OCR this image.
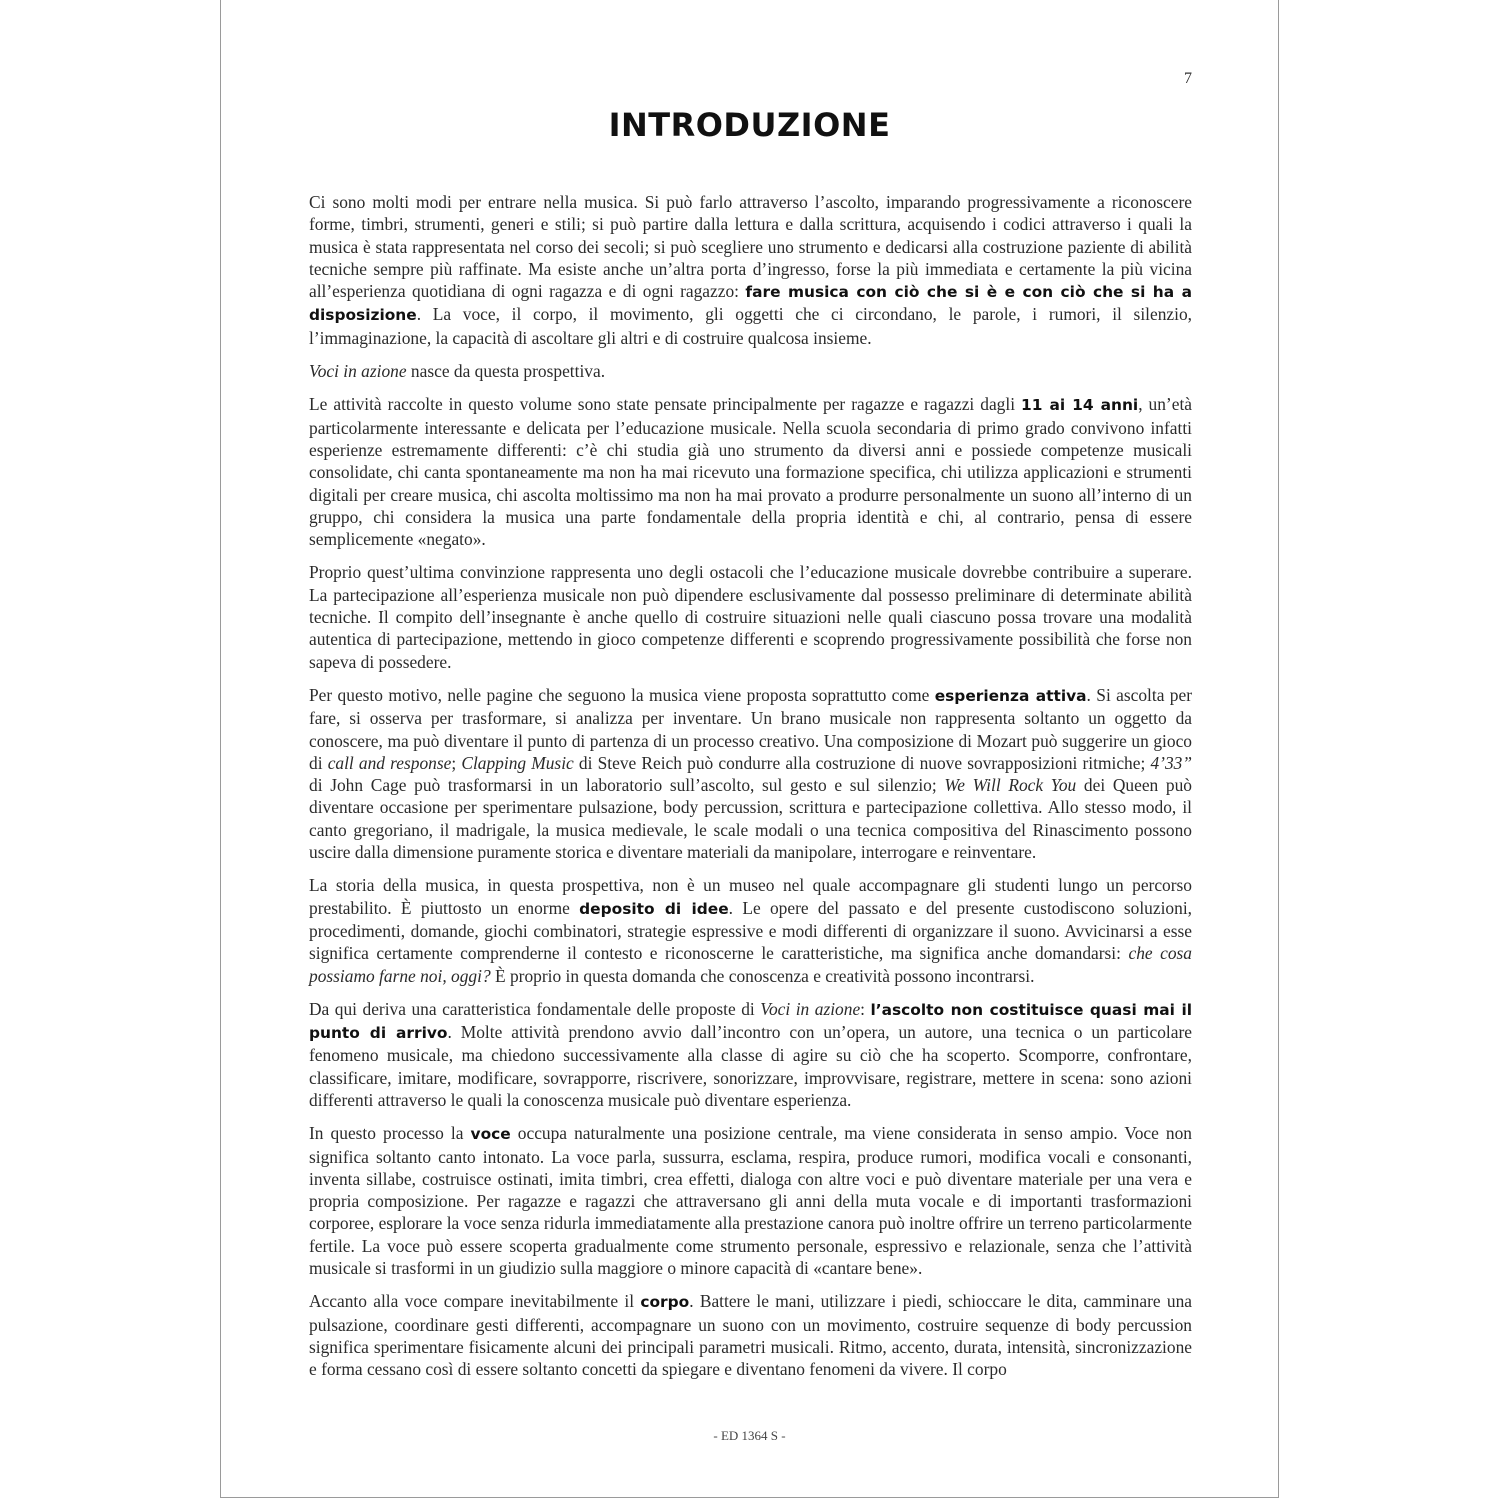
7
INTRODUZIONE

Ci sono molti modi per entrare nella musica. Si può farlo attraverso l’ascolto, imparando progressivamente a riconoscere forme, timbri, strumenti, generi e stili; si può partire dalla lettura e dalla scrittura, acquisendo i codici attraverso i quali la musica è stata rappresentata nel corso dei secoli; si può scegliere uno strumento e dedicarsi alla costruzione paziente di abilità tecniche sempre più raffinate. Ma esiste anche un’altra porta d’ingresso, forse la più immediata e certamente la più vicina all’esperienza quotidiana di ogni ragazza e di ogni ragazzo: fare musica con ciò che si è e con ciò che si ha a disposizione. La voce, il corpo, il movimento, gli oggetti che ci circondano, le parole, i rumori, il silenzio, l’immaginazione, la capacità di ascoltare gli altri e di costruire qualcosa insieme.

Voci in azione nasce da questa prospettiva.

Le attività raccolte in questo volume sono state pensate principalmente per ragazze e ragazzi dagli 11 ai 14 anni, un’età particolarmente interessante e delicata per l’educazione musicale. Nella scuola secondaria di primo grado convivono infatti esperienze estremamente differenti: c’è chi studia già uno strumento da diversi anni e possiede competenze musicali consolidate, chi canta spontaneamente ma non ha mai ricevuto una formazione specifica, chi utilizza applicazioni e strumenti digitali per creare musica, chi ascolta moltissimo ma non ha mai provato a produrre personalmente un suono all’interno di un gruppo, chi considera la musica una parte fondamentale della propria identità e chi, al contrario, pensa di essere semplicemente «negato».

Proprio quest’ultima convinzione rappresenta uno degli ostacoli che l’educazione musicale dovrebbe contribuire a superare. La partecipazione all’esperienza musicale non può dipendere esclusivamente dal possesso preliminare di determinate abilità tecniche. Il compito dell’insegnante è anche quello di costruire situazioni nelle quali ciascuno possa trovare una modalità autentica di partecipazione, mettendo in gioco competenze differenti e scoprendo progressivamente possibilità che forse non sapeva di possedere.

Per questo motivo, nelle pagine che seguono la musica viene proposta soprattutto come esperienza attiva. Si ascolta per fare, si osserva per trasformare, si analizza per inventare. Un brano musicale non rappresenta soltanto un oggetto da conoscere, ma può diventare il punto di partenza di un processo creativo. Una composizione di Mozart può suggerire un gioco di call and response; Clapping Music di Steve Reich può condurre alla costruzione di nuove sovrapposizioni ritmiche; 4’33” di John Cage può trasformarsi in un laboratorio sull’ascolto, sul gesto e sul silenzio; We Will Rock You dei Queen può diventare occasione per sperimentare pulsazione, body percussion, scrittura e partecipazione collettiva. Allo stesso modo, il canto gregoriano, il madrigale, la musica medievale, le scale modali o una tecnica compositiva del Rinascimento possono uscire dalla dimensione puramente storica e diventare materiali da manipolare, interrogare e reinventare.

La storia della musica, in questa prospettiva, non è un museo nel quale accompagnare gli studenti lungo un percorso prestabilito. È piuttosto un enorme deposito di idee. Le opere del passato e del presente custodiscono soluzioni, procedimenti, domande, giochi combinatori, strategie espressive e modi differenti di organizzare il suono. Avvicinarsi a esse significa certamente comprenderne il contesto e riconoscerne le caratteristiche, ma significa anche domandarsi: che cosa possiamo farne noi, oggi? È proprio in questa domanda che conoscenza e creatività possono incontrarsi.

Da qui deriva una caratteristica fondamentale delle proposte di Voci in azione: l’ascolto non costituisce quasi mai il punto di arrivo. Molte attività prendono avvio dall’incontro con un’opera, un autore, una tecnica o un particolare fenomeno musicale, ma chiedono successivamente alla classe di agire su ciò che ha scoperto. Scomporre, confrontare, classificare, imitare, modificare, sovrapporre, riscrivere, sonorizzare, improvvisare, registrare, mettere in scena: sono azioni differenti attraverso le quali la conoscenza musicale può diventare esperienza.

In questo processo la voce occupa naturalmente una posizione centrale, ma viene considerata in senso ampio. Voce non significa soltanto canto intonato. La voce parla, sussurra, esclama, respira, produce rumori, modifica vocali e consonanti, inventa sillabe, costruisce ostinati, imita timbri, crea effetti, dialoga con altre voci e può diventare materiale per una vera e propria composizione. Per ragazze e ragazzi che attraversano gli anni della muta vocale e di importanti trasformazioni corporee, esplorare la voce senza ridurla immediatamente alla prestazione canora può inoltre offrire un terreno particolarmente fertile. La voce può essere scoperta gradualmente come strumento personale, espressivo e relazionale, senza che l’attività musicale si trasformi in un giudizio sulla maggiore o minore capacità di «cantare bene».

Accanto alla voce compare inevitabilmente il corpo. Battere le mani, utilizzare i piedi, schioccare le dita, camminare una pulsazione, coordinare gesti differenti, accompagnare un suono con un movimento, costruire sequenze di body percussion significa sperimentare fisicamente alcuni dei principali parametri musicali. Ritmo, accento, durata, intensità, sincronizzazione e forma cessano così di essere soltanto concetti da spiegare e diventano fenomeni da vivere. Il corpo

- ED 1364 S -
